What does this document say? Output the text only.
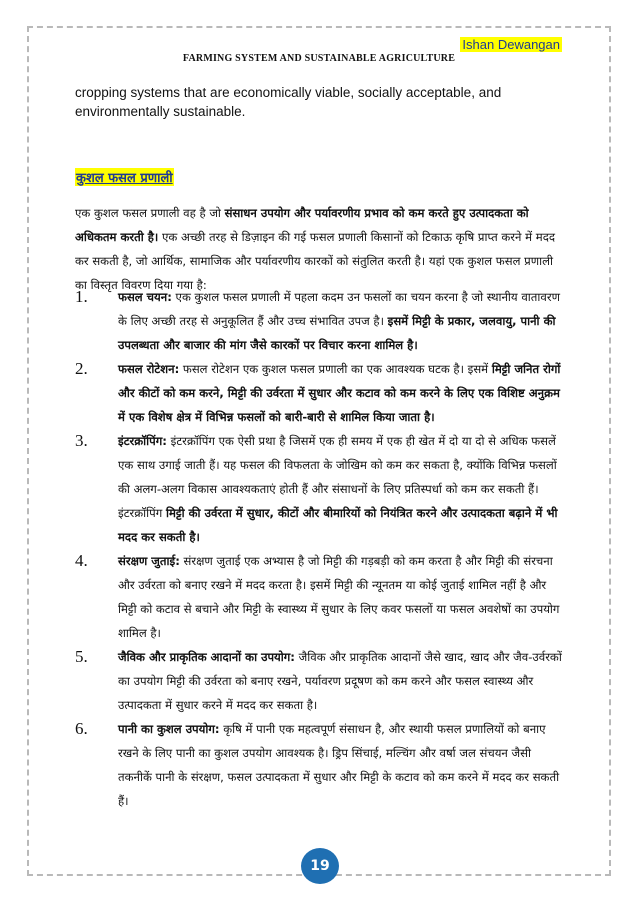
Ishan Dewangan
FARMING SYSTEM AND SUSTAINABLE AGRICULTURE
cropping systems that are economically viable, socially acceptable, and environmentally sustainable.
कुशल फसल प्रणाली
एक कुशल फसल प्रणाली वह है जो संसाधन उपयोग और पर्यावरणीय प्रभाव को कम करते हुए उत्पादकता को अधिकतम करती है। एक अच्छी तरह से डिज़ाइन की गई फसल प्रणाली किसानों को टिकाऊ कृषि प्राप्त करने में मदद कर सकती है, जो आर्थिक, सामाजिक और पर्यावरणीय कारकों को संतुलित करती है। यहां एक कुशल फसल प्रणाली का विस्तृत विवरण दिया गया है:
1.	फसल चयन: एक कुशल फसल प्रणाली में पहला कदम उन फसलों का चयन करना है जो स्थानीय वातावरण के लिए अच्छी तरह से अनुकूलित हैं और उच्च संभावित उपज है। इसमें मिट्टी के प्रकार, जलवायु, पानी की उपलब्धता और बाजार की मांग जैसे कारकों पर विचार करना शामिल है।
2.	फसल रोटेशन: फसल रोटेशन एक कुशल फसल प्रणाली का एक आवश्यक घटक है। इसमें मिट्टी जनित रोगों और कीटों को कम करने, मिट्टी की उर्वरता में सुधार और कटाव को कम करने के लिए एक विशिष्ट अनुक्रम में एक विशेष क्षेत्र में विभिन्न फसलों को बारी-बारी से शामिल किया जाता है।
3.	इंटरक्रॉपिंग: इंटरक्रॉपिंग एक ऐसी प्रथा है जिसमें एक ही समय में एक ही खेत में दो या दो से अधिक फसलें एक साथ उगाई जाती हैं। यह फसल की विफलता के जोखिम को कम कर सकता है, क्योंकि विभिन्न फसलों की अलग-अलग विकास आवश्यकताएं होती हैं और संसाधनों के लिए प्रतिस्पर्धा को कम कर सकती हैं। इंटरक्रॉपिंग मिट्टी की उर्वरता में सुधार, कीटों और बीमारियों को नियंत्रित करने और उत्पादकता बढ़ाने में भी मदद कर सकती है।
4.	संरक्षण जुताई: संरक्षण जुताई एक अभ्यास है जो मिट्टी की गड़बड़ी को कम करता है और मिट्टी की संरचना और उर्वरता को बनाए रखने में मदद करता है। इसमें मिट्टी की न्यूनतम या कोई जुताई शामिल नहीं है और मिट्टी को कटाव से बचाने और मिट्टी के स्वास्थ्य में सुधार के लिए कवर फसलों या फसल अवशेषों का उपयोग शामिल है।
5.	जैविक और प्राकृतिक आदानों का उपयोग: जैविक और प्राकृतिक आदानों जैसे खाद, खाद और जैव-उर्वरकों का उपयोग मिट्टी की उर्वरता को बनाए रखने, पर्यावरण प्रदूषण को कम करने और फसल स्वास्थ्य और उत्पादकता में सुधार करने में मदद कर सकता है।
6.	पानी का कुशल उपयोग: कृषि में पानी एक महत्वपूर्ण संसाधन है, और स्थायी फसल प्रणालियों को बनाए रखने के लिए पानी का कुशल उपयोग आवश्यक है। ड्रिप सिंचाई, मल्चिंग और वर्षा जल संचयन जैसी तकनीकें पानी के संरक्षण, फसल उत्पादकता में सुधार और मिट्टी के कटाव को कम करने में मदद कर सकती हैं।
19
